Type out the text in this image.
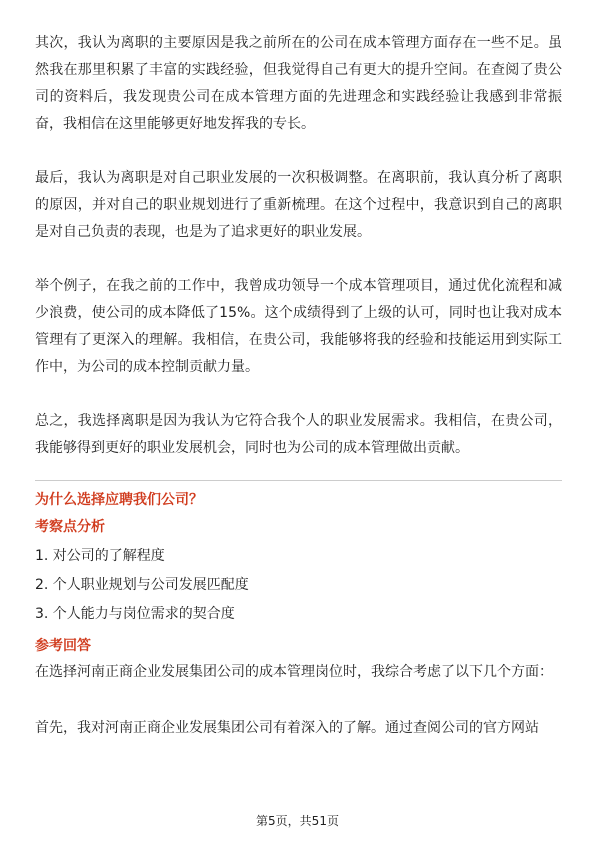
其次，我认为离职的主要原因是我之前所在的公司在成本管理方面存在一些不足。虽然我在那里积累了丰富的实践经验，但我觉得自己有更大的提升空间。在查阅了贵公司的资料后，我发现贵公司在成本管理方面的先进理念和实践经验让我感到非常振奋，我相信在这里能够更好地发挥我的专长。

最后，我认为离职是对自己职业发展的一次积极调整。在离职前，我认真分析了离职的原因，并对自己的职业规划进行了重新梳理。在这个过程中，我意识到自己的离职是对自己负责的表现，也是为了追求更好的职业发展。

举个例子，在我之前的工作中，我曾成功领导一个成本管理项目，通过优化流程和减少浪费，使公司的成本降低了15%。这个成绩得到了上级的认可，同时也让我对成本管理有了更深入的理解。我相信，在贵公司，我能够将我的经验和技能运用到实际工作中，为公司的成本控制贡献力量。

总之，我选择离职是因为我认为它符合我个人的职业发展需求。我相信，在贵公司，我能够得到更好的职业发展机会，同时也为公司的成本管理做出贡献。

为什么选择应聘我们公司？

考察点分析

1. 对公司的了解程度
2. 个人职业规划与公司发展匹配度
3. 个人能力与岗位需求的契合度

参考回答

在选择河南正商企业发展集团公司的成本管理岗位时，我综合考虑了以下几个方面：

首先，我对河南正商企业发展集团公司有着深入的了解。通过查阅公司的官方网站

第5页，共51页
